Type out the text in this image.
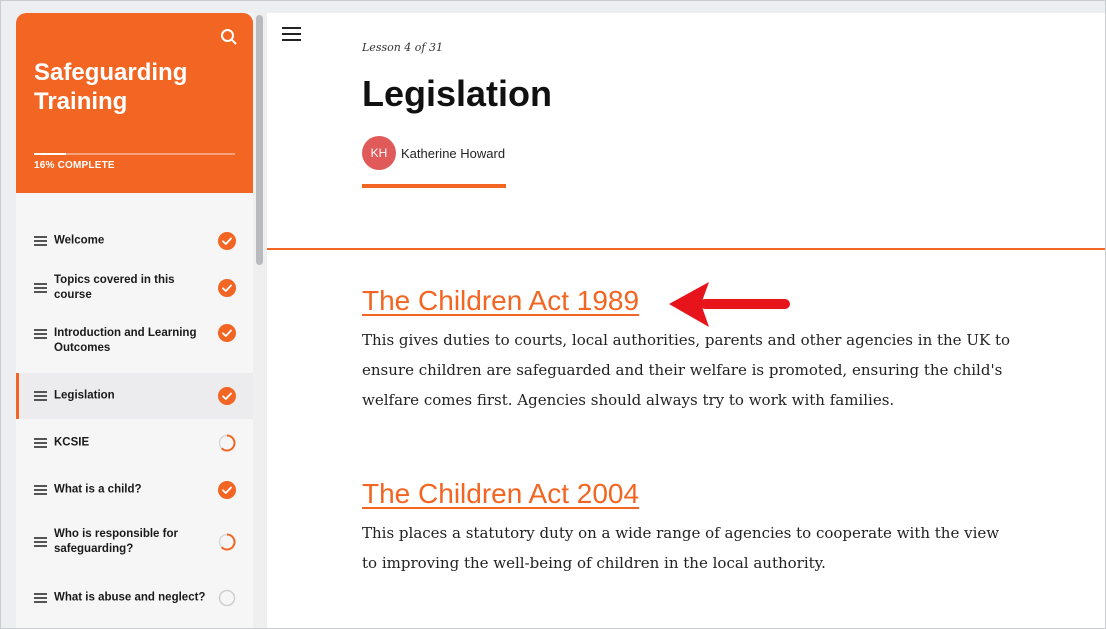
Safeguarding Training
16% COMPLETE
Welcome
Topics covered in this course
Introduction and Learning Outcomes
Legislation
KCSIE
What is a child?
Who is responsible for safeguarding?
What is abuse and neglect?
Lesson 4 of 31
Legislation
KH	Katherine Howard
The Children Act 1989
This gives duties to courts, local authorities, parents and other agencies in the UK to ensure children are safeguarded and their welfare is promoted, ensuring the child's welfare comes first. Agencies should always try to work with families.
The Children Act 2004
This places a statutory duty on a wide range of agencies to cooperate with the view to improving the well-being of children in the local authority.
